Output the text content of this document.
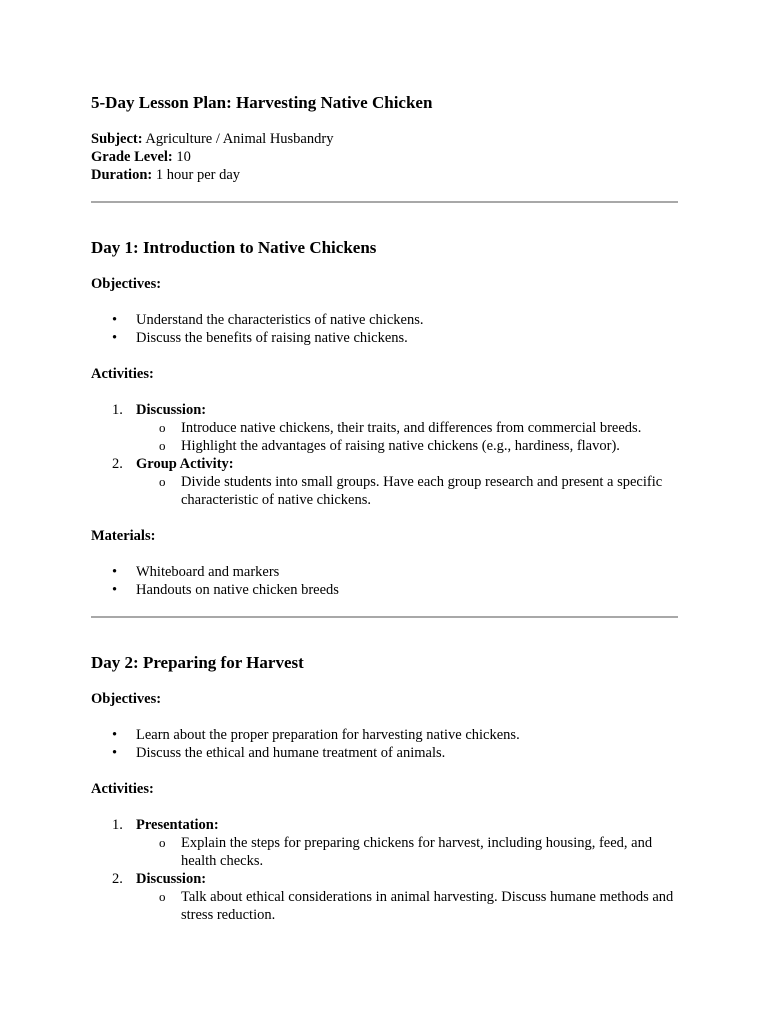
5-Day Lesson Plan: Harvesting Native Chicken

Subject: Agriculture / Animal Husbandry

Grade Level: 10

Duration: 1 hour per day

Day 1: Introduction to Native Chickens

Objectives:

• Understand the characteristics of native chickens.
• Discuss the benefits of raising native chickens.

Activities:

1. Discussion:
o Introduce native chickens, their traits, and differences from commercial breeds.
o Highlight the advantages of raising native chickens (e.g., hardiness, flavor).
2. Group Activity:
o Divide students into small groups. Have each group research and present a specific characteristic of native chickens.

Materials:

• Whiteboard and markers
• Handouts on native chicken breeds
Day 2: Preparing for Harvest

Objectives:

• Learn about the proper preparation for harvesting native chickens.
• Discuss the ethical and humane treatment of animals.

Activities:

1. Presentation:
o Explain the steps for preparing chickens for harvest, including housing, feed, and health checks.
2. Discussion:
o Talk about ethical considerations in animal harvesting. Discuss humane methods and stress reduction.
